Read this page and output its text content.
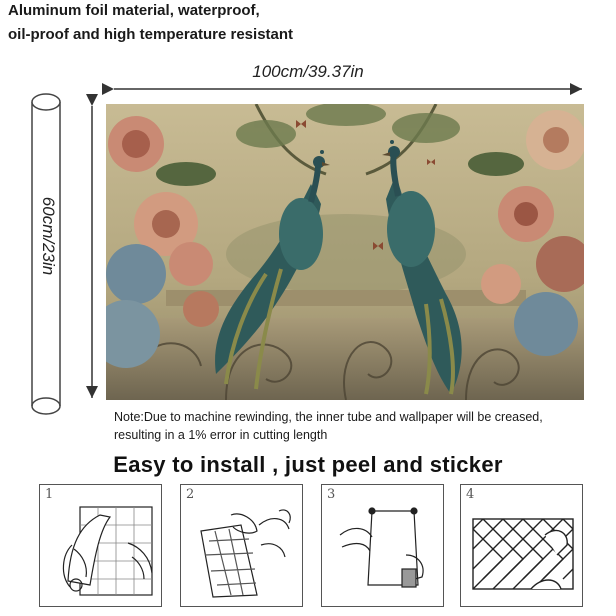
Aluminum foil material, waterproof,
oil-proof and high temperature resistant
100cm/39.37in
60cm/23in
Note:Due to machine rewinding, the inner tube and wallpaper will be creased,
resulting in a 1% error in cutting length
Easy to install , just peel and sticker
1	2	3	4
